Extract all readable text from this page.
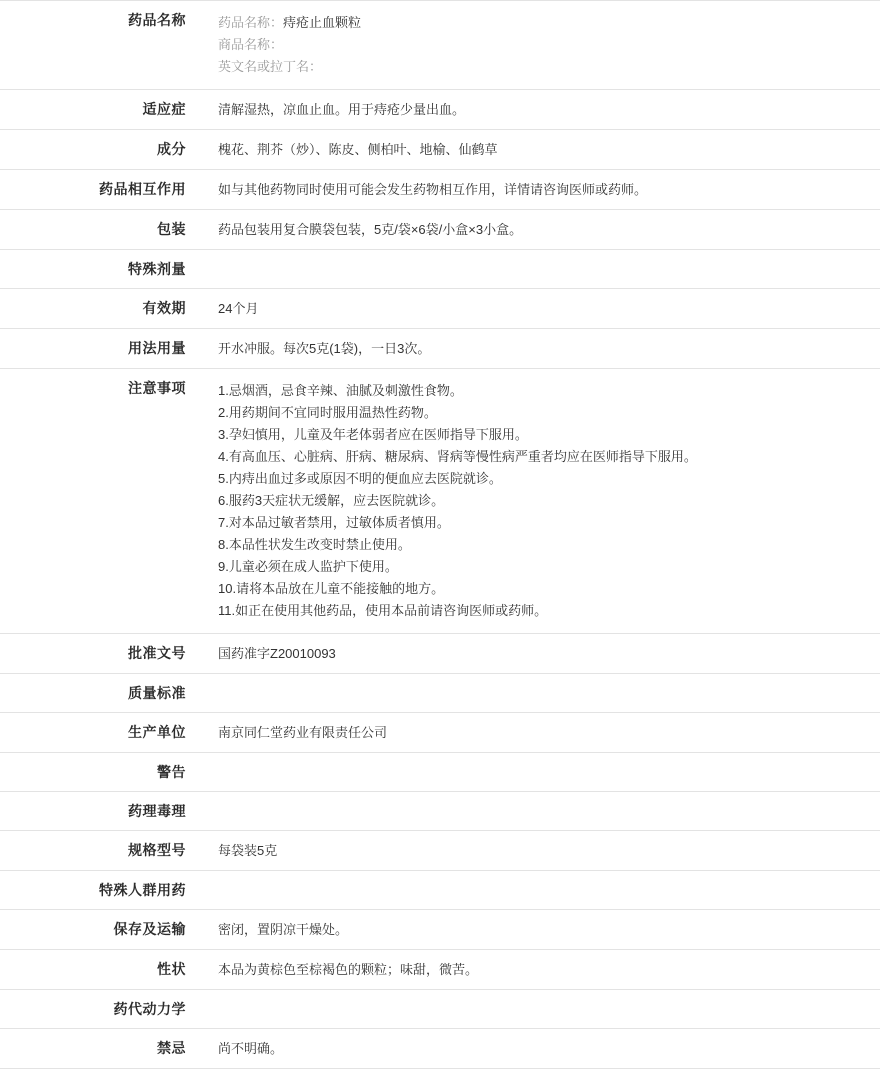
药品名称	药品名称：痔疮止血颗粒
商品名称：
英文名或拉丁名：

适应症	清解湿热，凉血止血。用于痔疮少量出血。
成分	槐花、荆芥（炒）、陈皮、侧柏叶、地榆、仙鹤草
药品相互作用	如与其他药物同时使用可能会发生药物相互作用，详情请咨询医师或药师。
包装	药品包装用复合膜袋包装，5克/袋×6袋/小盒×3小盒。
特殊剂量	
有效期	24个月
用法用量	开水冲服。每次5克(1袋)，一日3次。
注意事项	1.忌烟酒，忌食辛辣、油腻及刺激性食物。
2.用药期间不宜同时服用温热性药物。
3.孕妇慎用，儿童及年老体弱者应在医师指导下服用。
4.有高血压、心脏病、肝病、糖尿病、肾病等慢性病严重者均应在医师指导下服用。
5.内痔出血过多或原因不明的便血应去医院就诊。
6.服药3天症状无缓解，应去医院就诊。
7.对本品过敏者禁用，过敏体质者慎用。
8.本品性状发生改变时禁止使用。
9.儿童必须在成人监护下使用。
10.请将本品放在儿童不能接触的地方。
11.如正在使用其他药品，使用本品前请咨询医师或药师。

批准文号	国药准字Z20010093
质量标准	
生产单位	南京同仁堂药业有限责任公司
警告	
药理毒理	
规格型号	每袋装5克
特殊人群用药	
保存及运输	密闭，置阴凉干燥处。
性状	本品为黄棕色至棕褐色的颗粒；味甜，微苦。
药代动力学	
禁忌	尚不明确。
